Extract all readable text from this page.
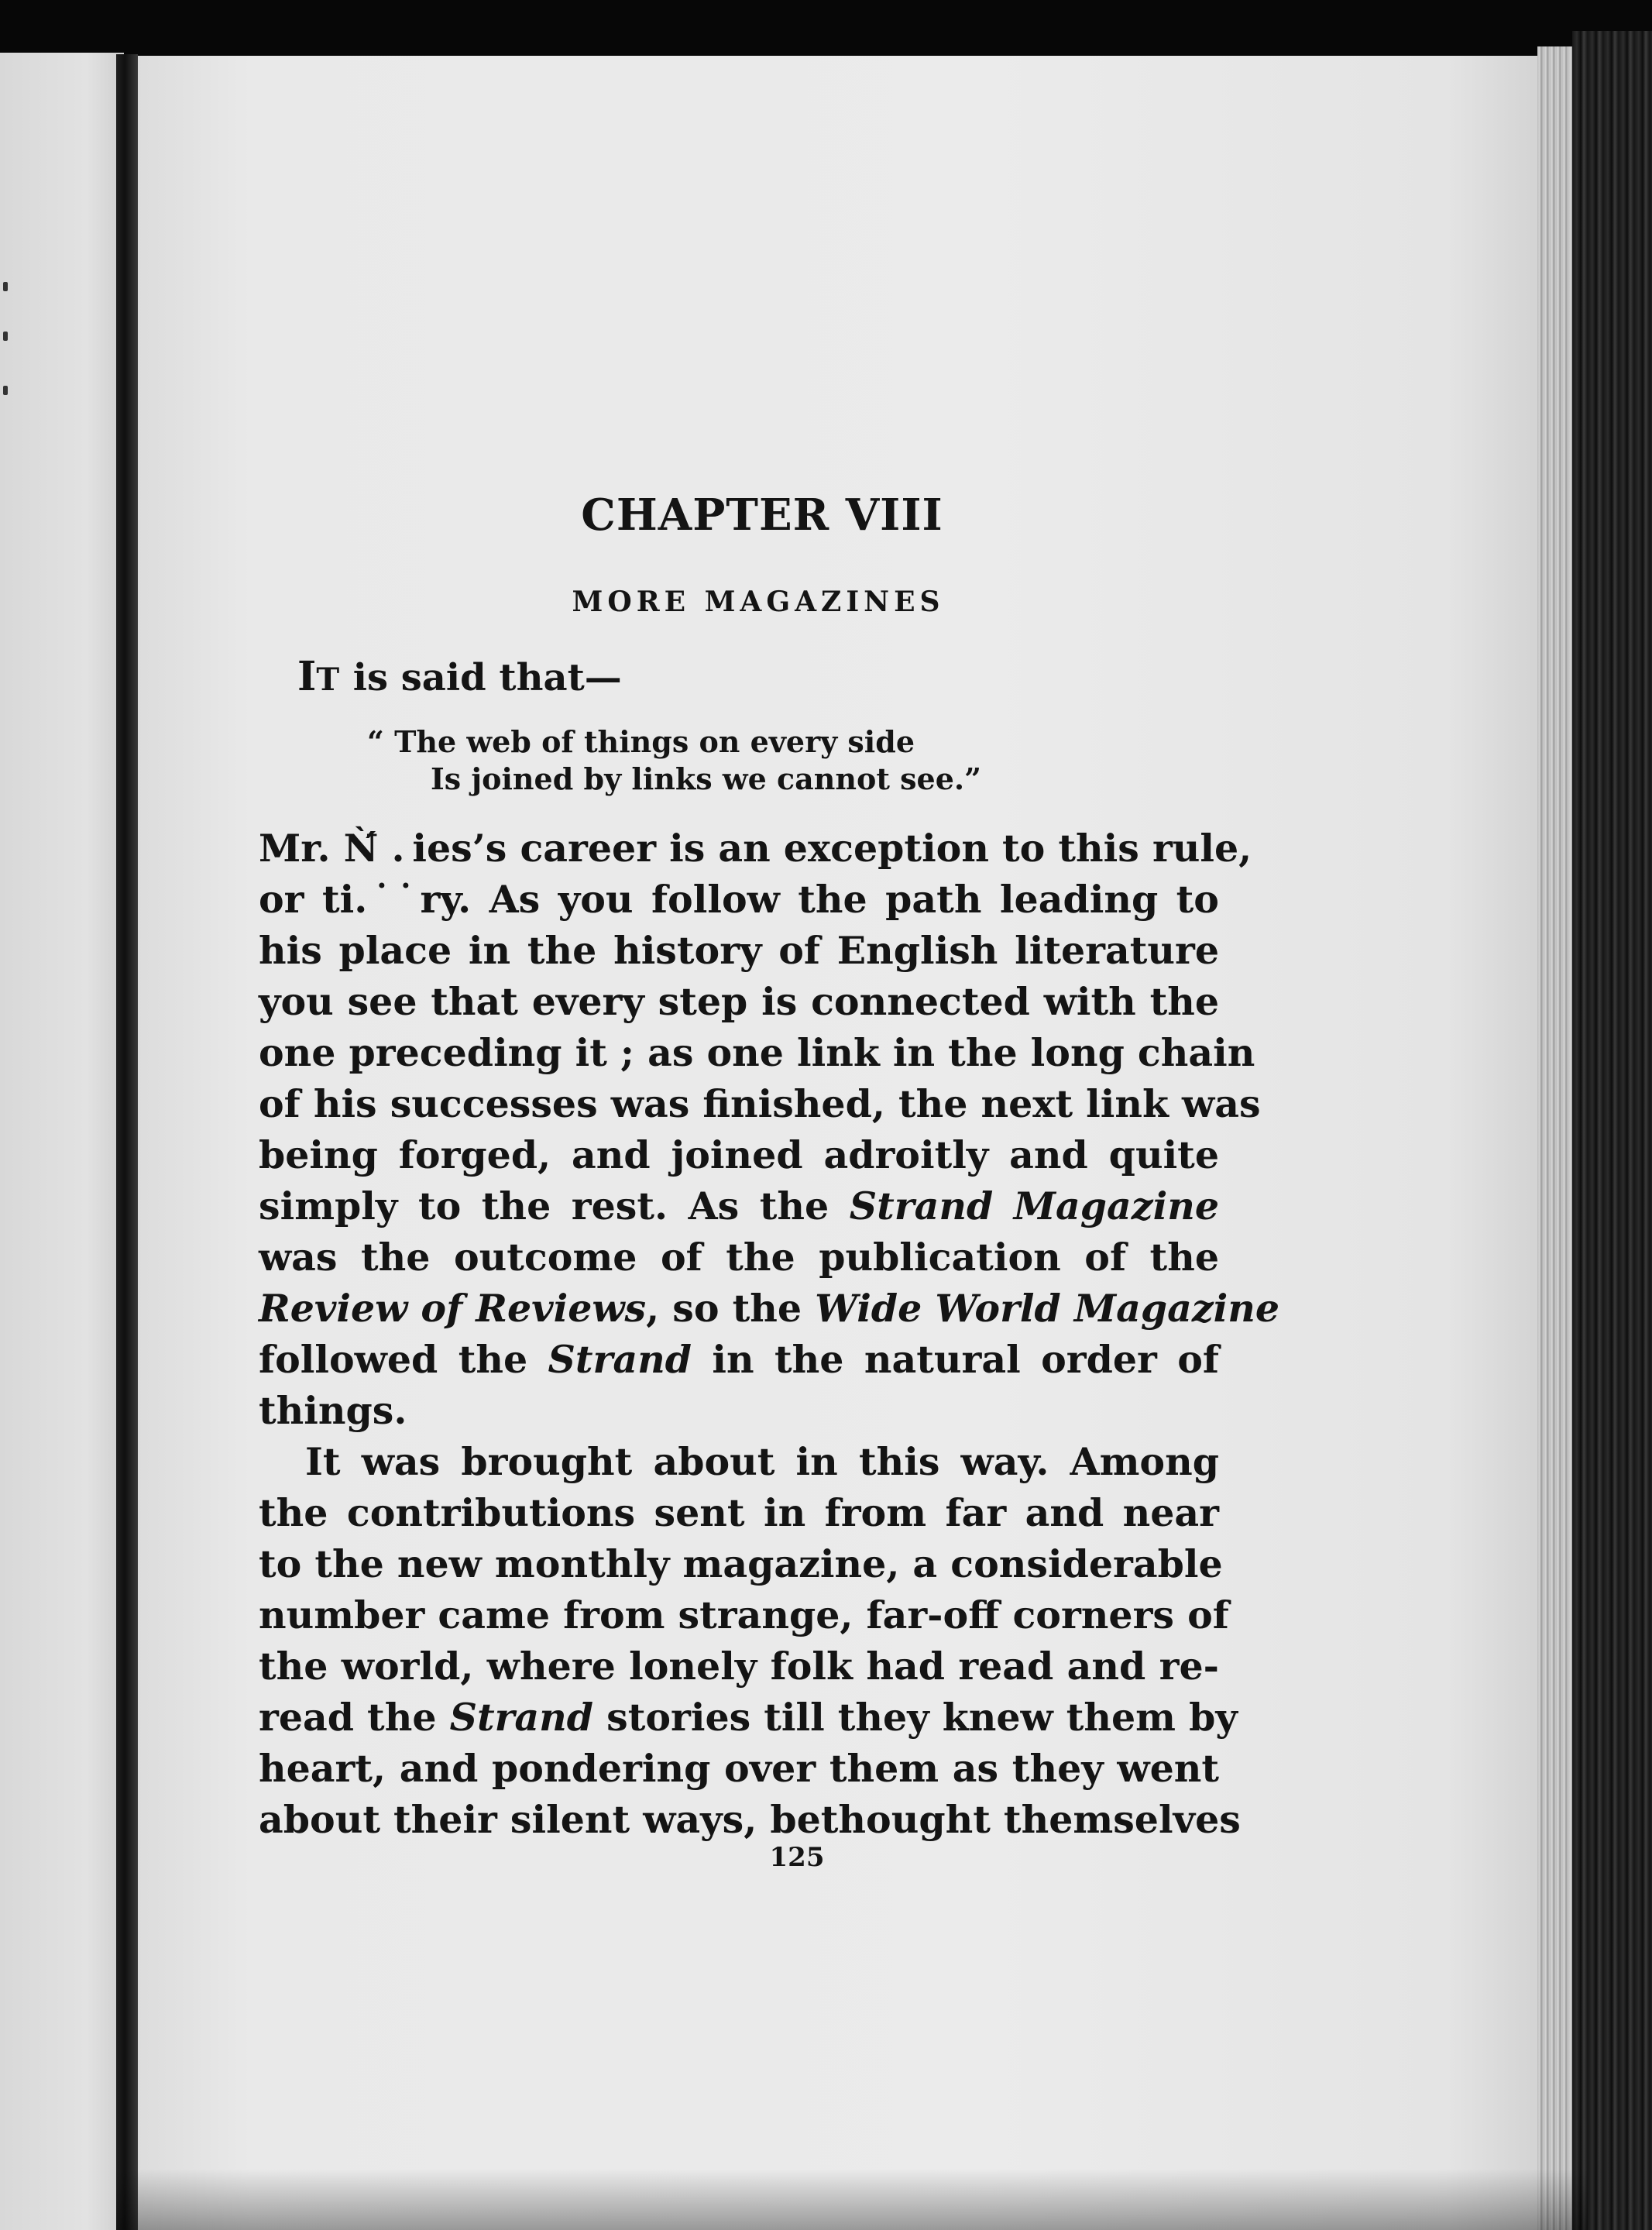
CHAPTER VIII
MORE MAGAZINES
IT is said that—
“ The web of things on every side
Is joined by links we cannot see.”
Mr. Ǹ́ . ies’s career is an exception to this rule,
or ti.˙˙ry. As you follow the path leading to
his place in the history of English literature
you see that every step is connected with the
one preceding it ; as one link in the long chain
of his successes was finished, the next link was
being forged, and joined adroitly and quite
simply to the rest. As the Strand Magazine
was the outcome of the publication of the
Review of Reviews, so the Wide World Magazine
followed the Strand in the natural order of
things.
It was brought about in this way. Among
the contributions sent in from far and near
to the new monthly magazine, a considerable
number came from strange, far-off corners of
the world, where lonely folk had read and re-
read the Strand stories till they knew them by
heart, and pondering over them as they went
about their silent ways, bethought themselves
125
